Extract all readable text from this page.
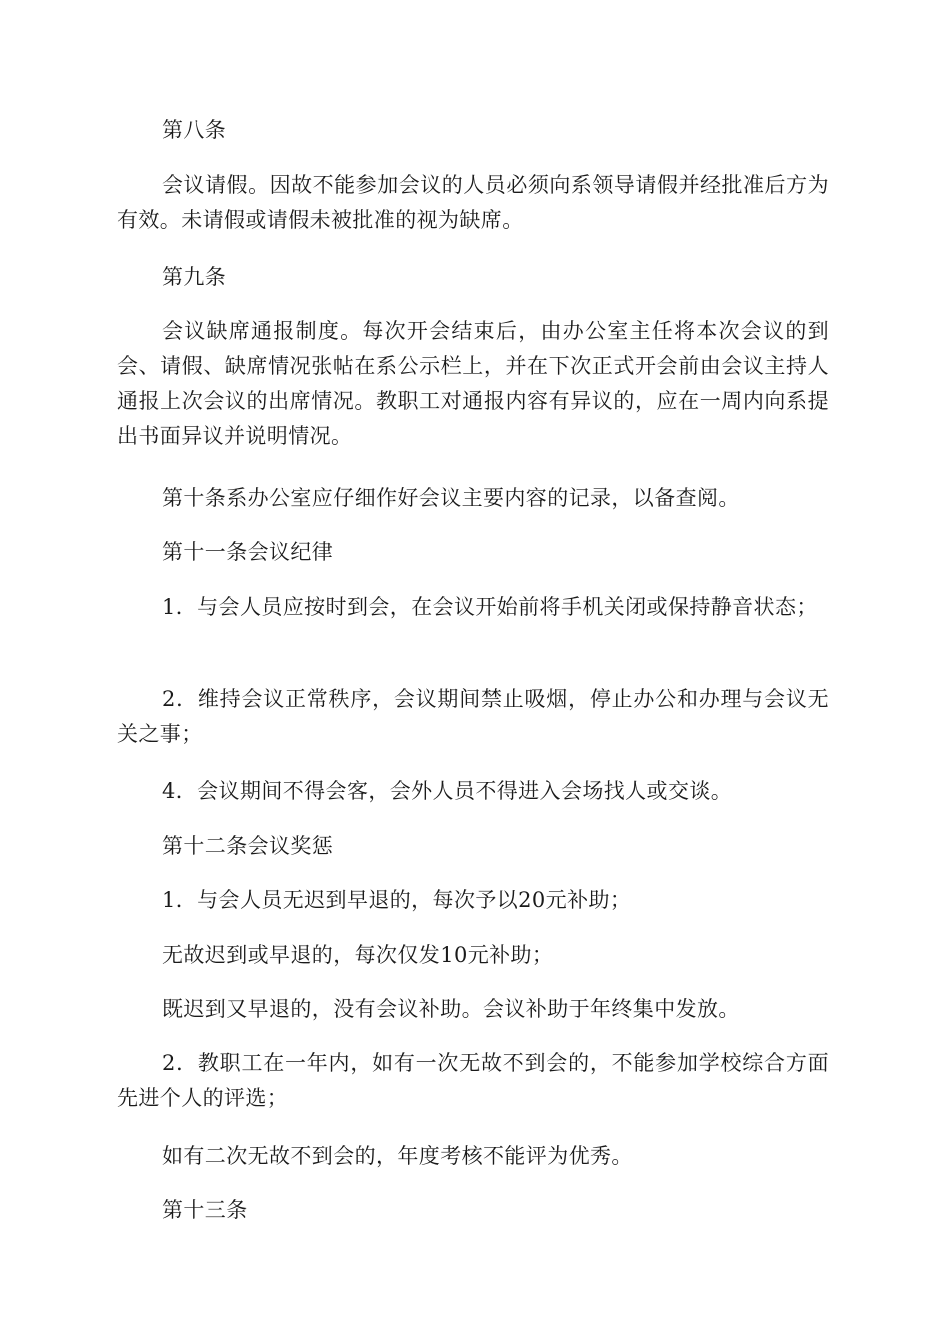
第八条

会议请假。因故不能参加会议的人员必须向系领导请假并经批准后方为有效。未请假或请假未被批准的视为缺席。

第九条

会议缺席通报制度。每次开会结束后，由办公室主任将本次会议的到会、请假、缺席情况张帖在系公示栏上，并在下次正式开会前由会议主持人通报上次会议的出席情况。教职工对通报内容有异议的，应在一周内向系提出书面异议并说明情况。

第十条系办公室应仔细作好会议主要内容的记录，以备查阅。

第十一条会议纪律

1．与会人员应按时到会，在会议开始前将手机关闭或保持静音状态；

2．维持会议正常秩序，会议期间禁止吸烟，停止办公和办理与会议无关之事；

4．会议期间不得会客，会外人员不得进入会场找人或交谈。

第十二条会议奖惩

1．与会人员无迟到早退的，每次予以20元补助；

无故迟到或早退的，每次仅发10元补助；

既迟到又早退的，没有会议补助。会议补助于年终集中发放。

2．教职工在一年内，如有一次无故不到会的，不能参加学校综合方面先进个人的评选；

如有二次无故不到会的，年度考核不能评为优秀。

第十三条
